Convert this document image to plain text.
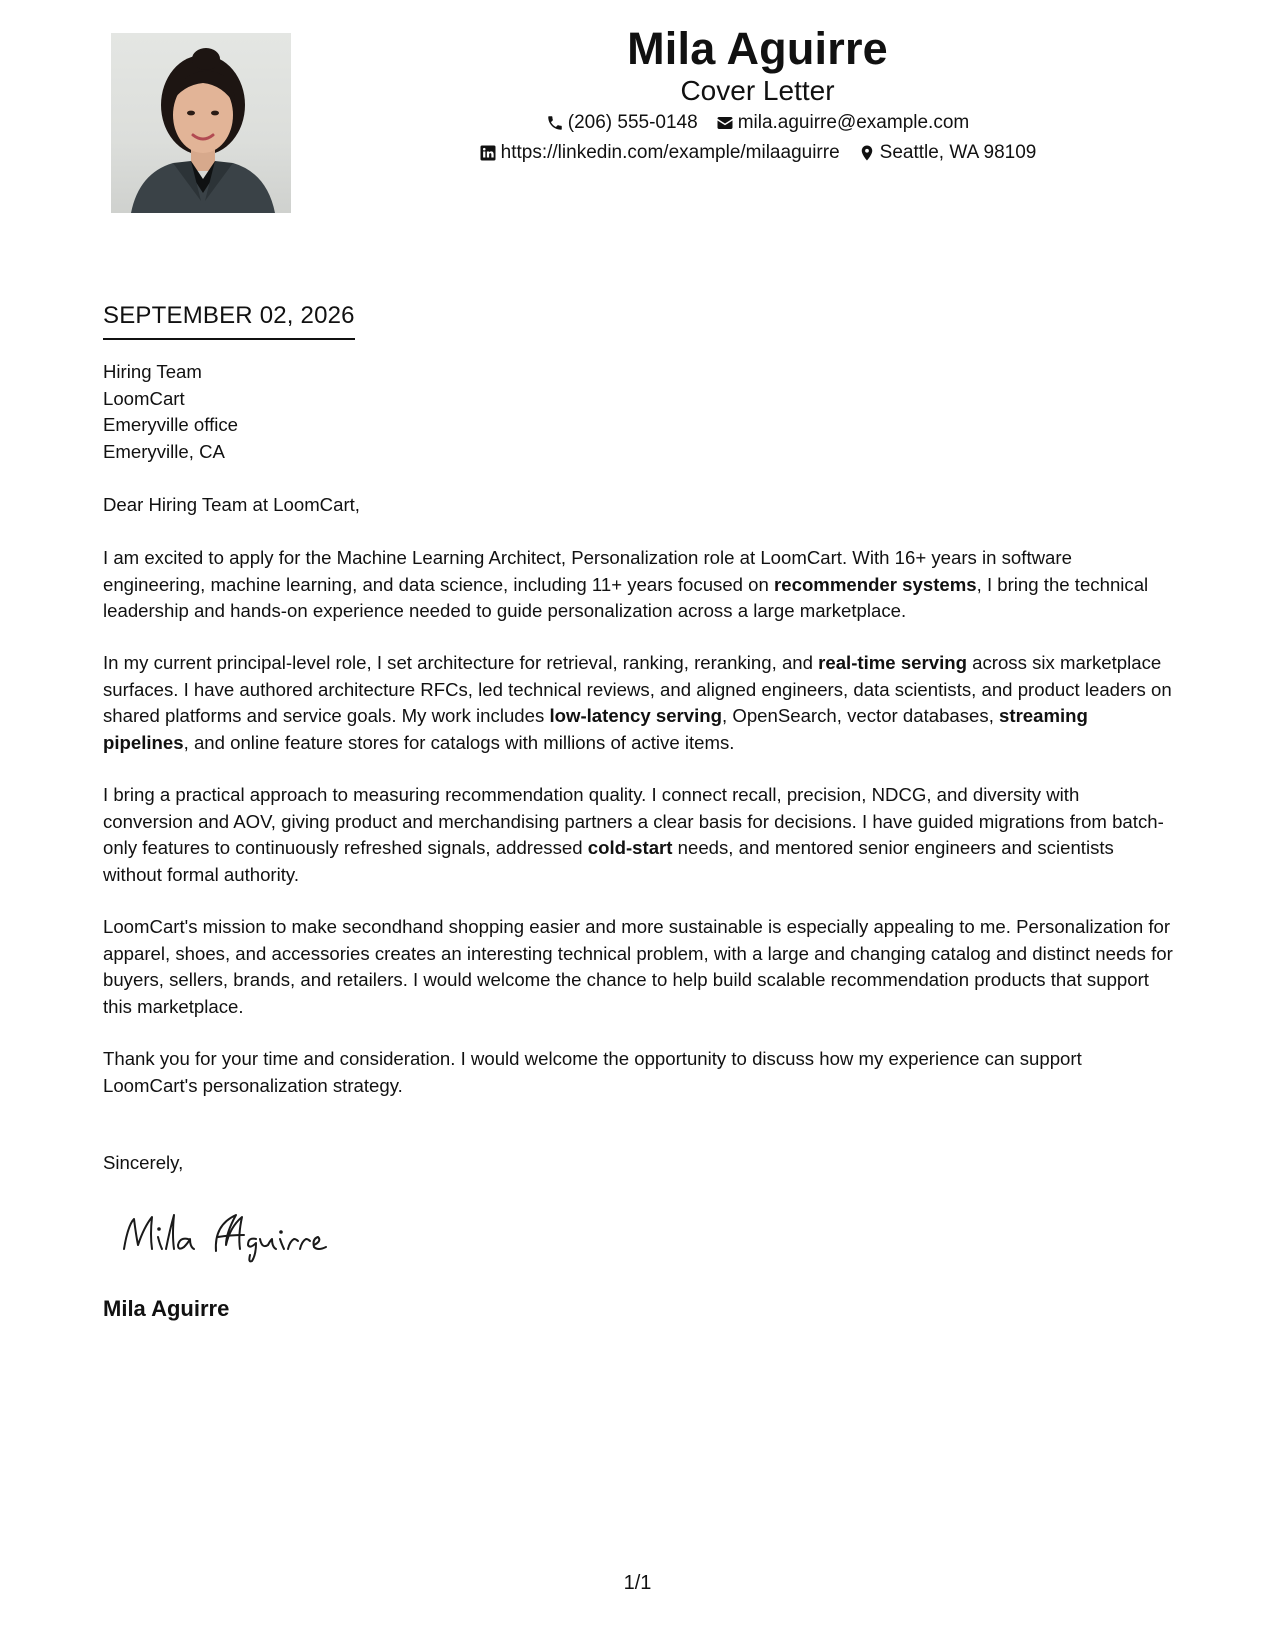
Mila Aguirre
Cover Letter
(206) 555-0148 mila.aguirre@example.com
https://linkedin.com/example/milaaguirre Seattle, WA 98109
SEPTEMBER 02, 2026
Hiring Team
LoomCart
Emeryville office
Emeryville, CA
Dear Hiring Team at LoomCart,

I am excited to apply for the Machine Learning Architect, Personalization role at LoomCart. With 16+ years in software engineering, machine learning, and data science, including 11+ years focused on recommender systems, I bring the technical leadership and hands-on experience needed to guide personalization across a large marketplace.

In my current principal-level role, I set architecture for retrieval, ranking, reranking, and real-time serving across six marketplace surfaces. I have authored architecture RFCs, led technical reviews, and aligned engineers, data scientists, and product leaders on shared platforms and service goals. My work includes low-latency serving, OpenSearch, vector databases, streaming pipelines, and online feature stores for catalogs with millions of active items.

I bring a practical approach to measuring recommendation quality. I connect recall, precision, NDCG, and diversity with conversion and AOV, giving product and merchandising partners a clear basis for decisions. I have guided migrations from batch-only features to continuously refreshed signals, addressed cold-start needs, and mentored senior engineers and scientists without formal authority.

LoomCart's mission to make secondhand shopping easier and more sustainable is especially appealing to me. Personalization for apparel, shoes, and accessories creates an interesting technical problem, with a large and changing catalog and distinct needs for buyers, sellers, brands, and retailers. I would welcome the chance to help build scalable recommendation products that support this marketplace.

Thank you for your time and consideration. I would welcome the opportunity to discuss how my experience can support LoomCart's personalization strategy.

Sincerely,
Mila Aguirre
1/1
